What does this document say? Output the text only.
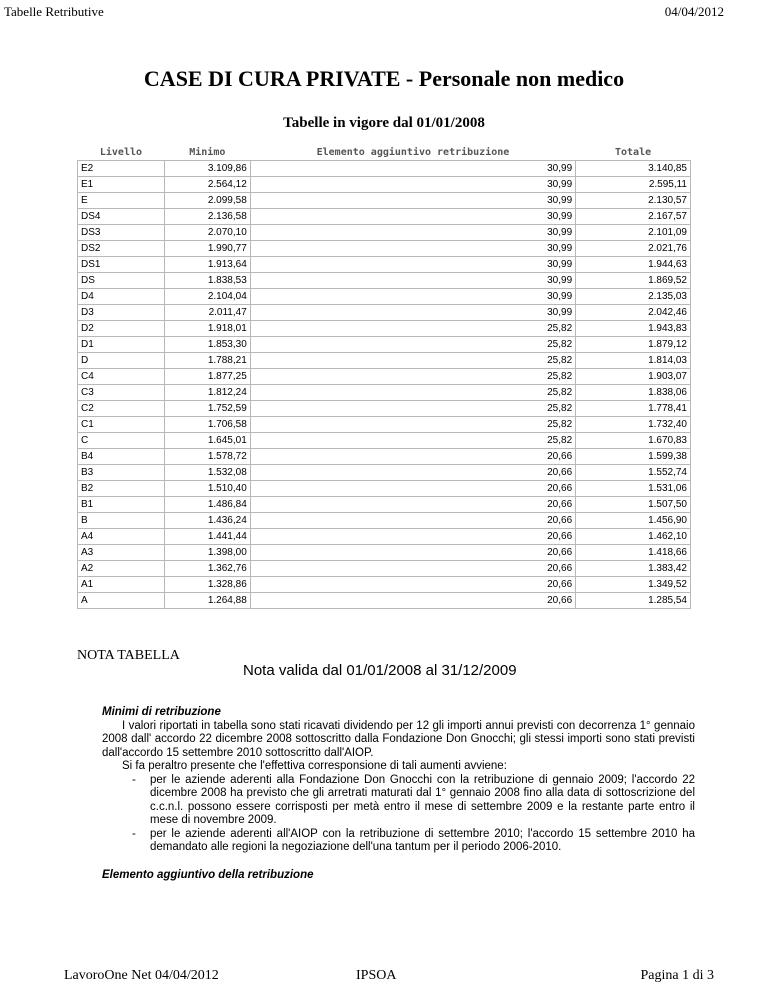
Tabelle Retributive	04/04/2012
CASE DI CURA PRIVATE - Personale non medico
Tabelle in vigore dal 01/01/2008
Livello	Minimo	Elemento aggiuntivo retribuzione	Totale
E2	3.109,86	30,99	3.140,85
E1	2.564,12	30,99	2.595,11
E	2.099,58	30,99	2.130,57
DS4	2.136,58	30,99	2.167,57
DS3	2.070,10	30,99	2.101,09
DS2	1.990,77	30,99	2.021,76
DS1	1.913,64	30,99	1.944,63
DS	1.838,53	30,99	1.869,52
D4	2.104,04	30,99	2.135,03
D3	2.011,47	30,99	2.042,46
D2	1.918,01	25,82	1.943,83
D1	1.853,30	25,82	1.879,12
D	1.788,21	25,82	1.814,03
C4	1.877,25	25,82	1.903,07
C3	1.812,24	25,82	1.838,06
C2	1.752,59	25,82	1.778,41
C1	1.706,58	25,82	1.732,40
C	1.645,01	25,82	1.670,83
B4	1.578,72	20,66	1.599,38
B3	1.532,08	20,66	1.552,74
B2	1.510,40	20,66	1.531,06
B1	1.486,84	20,66	1.507,50
B	1.436,24	20,66	1.456,90
A4	1.441,44	20,66	1.462,10
A3	1.398,00	20,66	1.418,66
A2	1.362,76	20,66	1.383,42
A1	1.328,86	20,66	1.349,52
A	1.264,88	20,66	1.285,54
NOTA TABELLA
Nota valida dal 01/01/2008 al 31/12/2009

Minimi di retribuzione

I valori riportati in tabella sono stati ricavati dividendo per 12 gli importi annui previsti con decorrenza 1° gennaio 2008 dall' accordo 22 dicembre 2008 sottoscritto dalla Fondazione Don Gnocchi; gli stessi importi sono stati previsti dall'accordo 15 settembre 2010 sottoscritto dall'AIOP.

Si fa peraltro presente che l'effettiva corresponsione di tali aumenti avviene:

-	per le aziende aderenti alla Fondazione Don Gnocchi con la retribuzione di gennaio 2009; l'accordo 22 dicembre 2008 ha previsto che gli arretrati maturati dal 1° gennaio 2008 fino alla data di sottoscrizione del c.c.n.l. possono essere corrisposti per metà entro il mese di settembre 2009 e la restante parte entro il mese di novembre 2009.
-	per le aziende aderenti all'AIOP con la retribuzione di settembre 2010; l'accordo 15 settembre 2010 ha demandato alle regioni la negoziazione dell'una tantum per il periodo 2006-2010.

Elemento aggiuntivo della retribuzione

LavoroOne Net 04/04/2012	IPSOA	Pagina 1 di 3
